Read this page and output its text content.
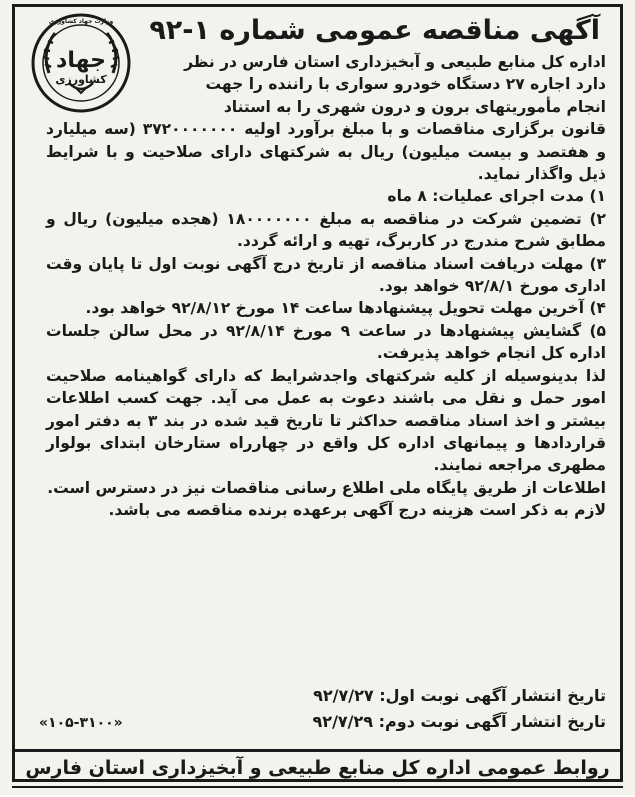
آگهی مناقصه عمومی شماره ۱-۹۲
وزارت جهاد کشاورزی
جهاد
کشاورزی

اداره کل منابع طبیعی و آبخیزداری استان فارس در نظر

دارد اجاره ۲۷ دستگاه خودرو سواری با راننده را جهت

انجام مأموریتهای برون و درون شهری را به استناد

قانون برگزاری مناقصات و با مبلغ برآورد اولیه ۳۷۲۰۰۰۰۰۰۰ (سه میلیارد و هفتصد و بیست میلیون) ریال به شرکتهای دارای صلاحیت و با شرایط ذیل واگذار نماید.

۱) مدت اجرای عملیات: ۸ ماه

۲) تضمین شرکت در مناقصه به مبلغ ۱۸۰۰۰۰۰۰۰ (هجده میلیون) ریال و مطابق شرح مندرج در کاربرگ، تهیه و ارائه گردد.

۳) مهلت دریافت اسناد مناقصه از تاریخ درج آگهی نوبت اول تا پایان وقت اداری مورخ ۹۲/۸/۱ خواهد بود.

۴) آخرین مهلت تحویل پیشنهادها ساعت ۱۴ مورخ ۹۲/۸/۱۲ خواهد بود.

۵) گشایش پیشنهادها در ساعت ۹ مورخ ۹۲/۸/۱۴ در محل سالن جلسات اداره کل انجام خواهد پذیرفت.

لذا بدینوسیله از کلیه شرکتهای واجدشرایط که دارای گواهینامه صلاحیت امور حمل و نقل می باشند دعوت به عمل می آید. جهت کسب اطلاعات بیشتر و اخذ اسناد مناقصه حداکثر تا تاریخ قید شده در بند ۳ به دفتر امور قراردادها و پیمانهای اداره کل واقع در چهارراه ستارخان ابتدای بولوار مطهری مراجعه نمایند.

اطلاعات از طریق پایگاه ملی اطلاع رسانی مناقصات نیز در دسترس است.

لازم به ذکر است هزینه درج آگهی برعهده برنده مناقصه می باشد.

تاریخ انتشار آگهی نوبت اول: ۹۲/۷/۲۷
تاریخ انتشار آگهی نوبت دوم: ۹۲/۷/۲۹
«۱۰۵-۳۱۰۰»
روابط عمومی اداره کل منابع طبیعی و آبخیزداری استان فارس
